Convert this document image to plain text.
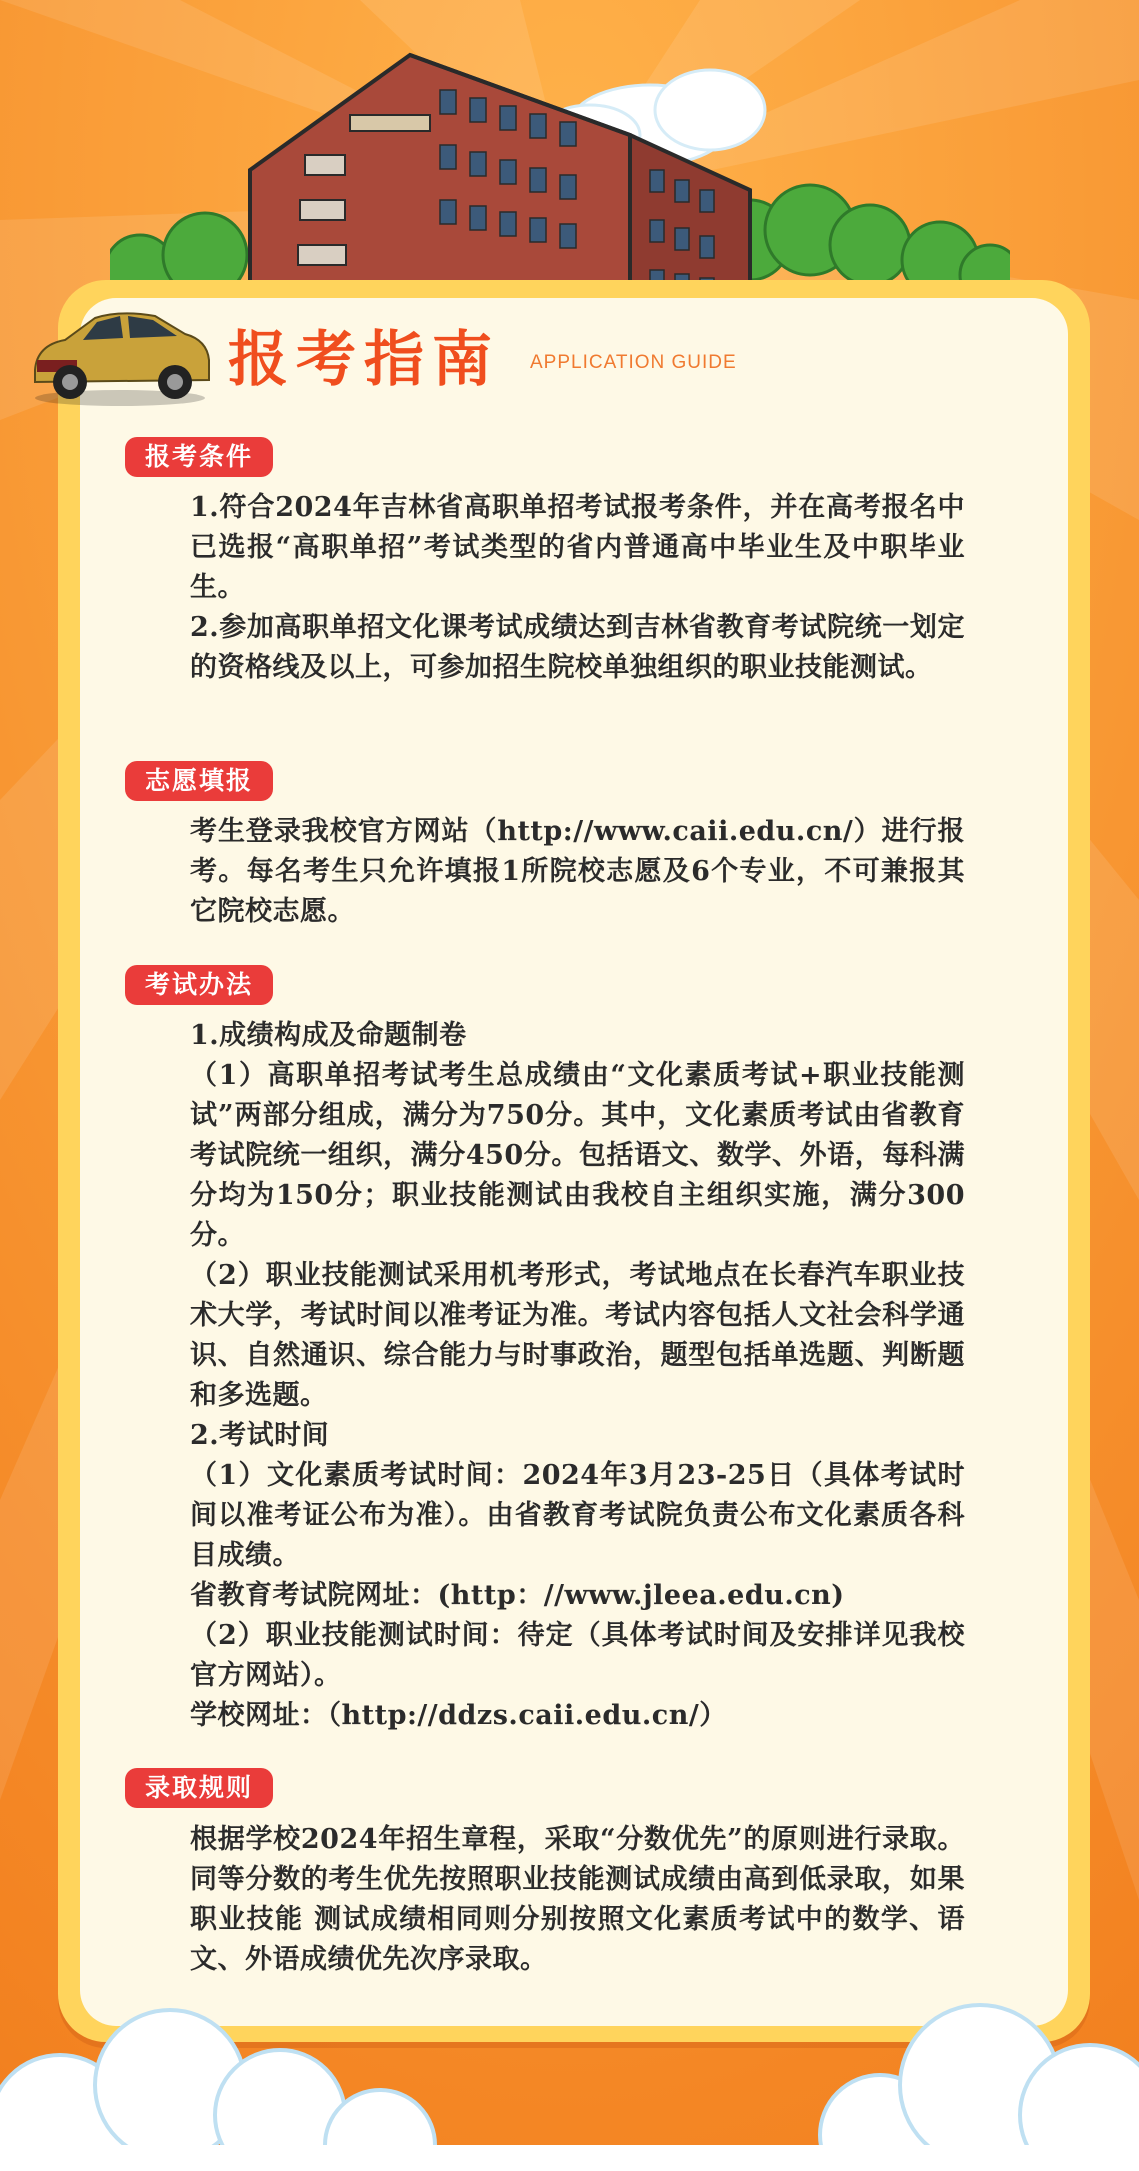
报考指南 APPLICATION GUIDE
报考条件

1.符合2024年吉林省高职单招考试报考条件，并在高考报名中已选报“高职单招”考试类型的省内普通高中毕业生及中职毕业生。

2.参加高职单招文化课考试成绩达到吉林省教育考试院统一划定的资格线及以上，可参加招生院校单独组织的职业技能测试。

志愿填报

考生登录我校官方网站（http://www.caii.edu.cn/）进行报考。每名考生只允许填报1所院校志愿及6个专业，不可兼报其它院校志愿。

考试办法

1.成绩构成及命题制卷

（1）高职单招考试考生总成绩由“文化素质考试+职业技能测试”两部分组成，满分为750分。其中，文化素质考试由省教育考试院统一组织，满分450分。包括语文、数学、外语，每科满分均为150分；职业技能测试由我校自主组织实施，满分300分。

（2）职业技能测试采用机考形式，考试地点在长春汽车职业技术大学，考试时间以准考证为准。考试内容包括人文社会科学通识、自然通识、综合能力与时事政治，题型包括单选题、判断题和多选题。

2.考试时间

（1）文化素质考试时间：2024年3月23-25日（具体考试时间以准考证公布为准）。由省教育考试院负责公布文化素质各科目成绩。

省教育考试院网址：(http：//www.jleea.edu.cn)

（2）职业技能测试时间：待定（具体考试时间及安排详见我校官方网站）。

学校网址：（http://ddzs.caii.edu.cn/）

录取规则

根据学校2024年招生章程，采取“分数优先”的原则进行录取。同等分数的考生优先按照职业技能测试成绩由高到低录取，如果职业技能 测试成绩相同则分别按照文化素质考试中的数学、语文、外语成绩优先次序录取。
